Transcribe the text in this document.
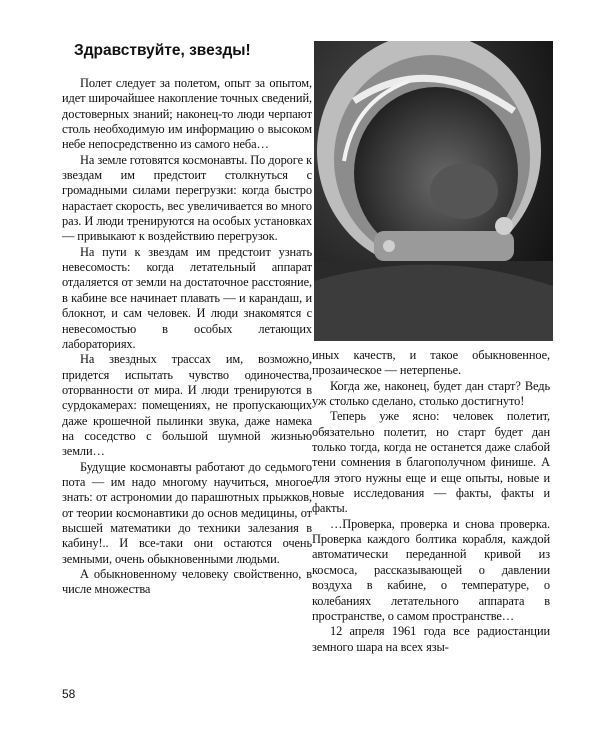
Здравствуйте, звезды!

Полет следует за полетом, опыт за опытом, идет широчайшее накопление точных сведений, достоверных знаний; наконец-то люди черпают столь необходимую им информацию о высоком небе непосредственно из самого неба…

На земле готовятся космонавты. По дороге к звездам им предстоит столкнуться с громадными силами перегрузки: когда быстро нарастает скорость, вес увеличивается во много раз. И люди тренируются на особых установках — привыкают к воздействию перегрузок.

На пути к звездам им предстоит узнать невесомость: когда летательный аппарат отдаляется от земли на достаточное расстояние, в кабине все начинает плавать — и карандаш, и блокнот, и сам человек. И люди знакомятся с невесомостью в особых летающих лабораториях.

На звездных трассах им, возможно, придется испытать чувство одиночества, оторванности от мира. И люди тренируются в сурдокамерах: помещениях, не пропускающих даже крошечной пылинки звука, даже намека на соседство с большой шумной жизнью земли…

Будущие космонавты работают до седьмого пота — им надо многому научиться, многое знать: от астрономии до парашютных прыжков, от теории космонавтики до основ медицины, от высшей математики до техники залезания в кабину!.. И все-таки они остаются очень земными, очень обыкновенными людьми.

А обыкновенному человеку свойственно, в числе множества

иных качеств, и такое обыкновенное, прозаическое — нетерпенье.

Когда же, наконец, будет дан старт? Ведь уж столько сделано, столько достигнуто!

Теперь уже ясно: человек полетит, обязательно полетит, но старт будет дан только тогда, когда не останется даже слабой тени сомнения в благополучном финише. А для этого нужны еще и еще опыты, новые и новые исследования — факты, факты и факты.

…Проверка, проверка и снова проверка. Проверка каждого болтика корабля, каждой автоматически переданной кривой из космоса, рассказывающей о давлении воздуха в кабине, о температуре, о колебаниях летательного аппарата в пространстве, о самом пространстве…

12 апреля 1961 года все радиостанции земного шара на всех язы-

58
